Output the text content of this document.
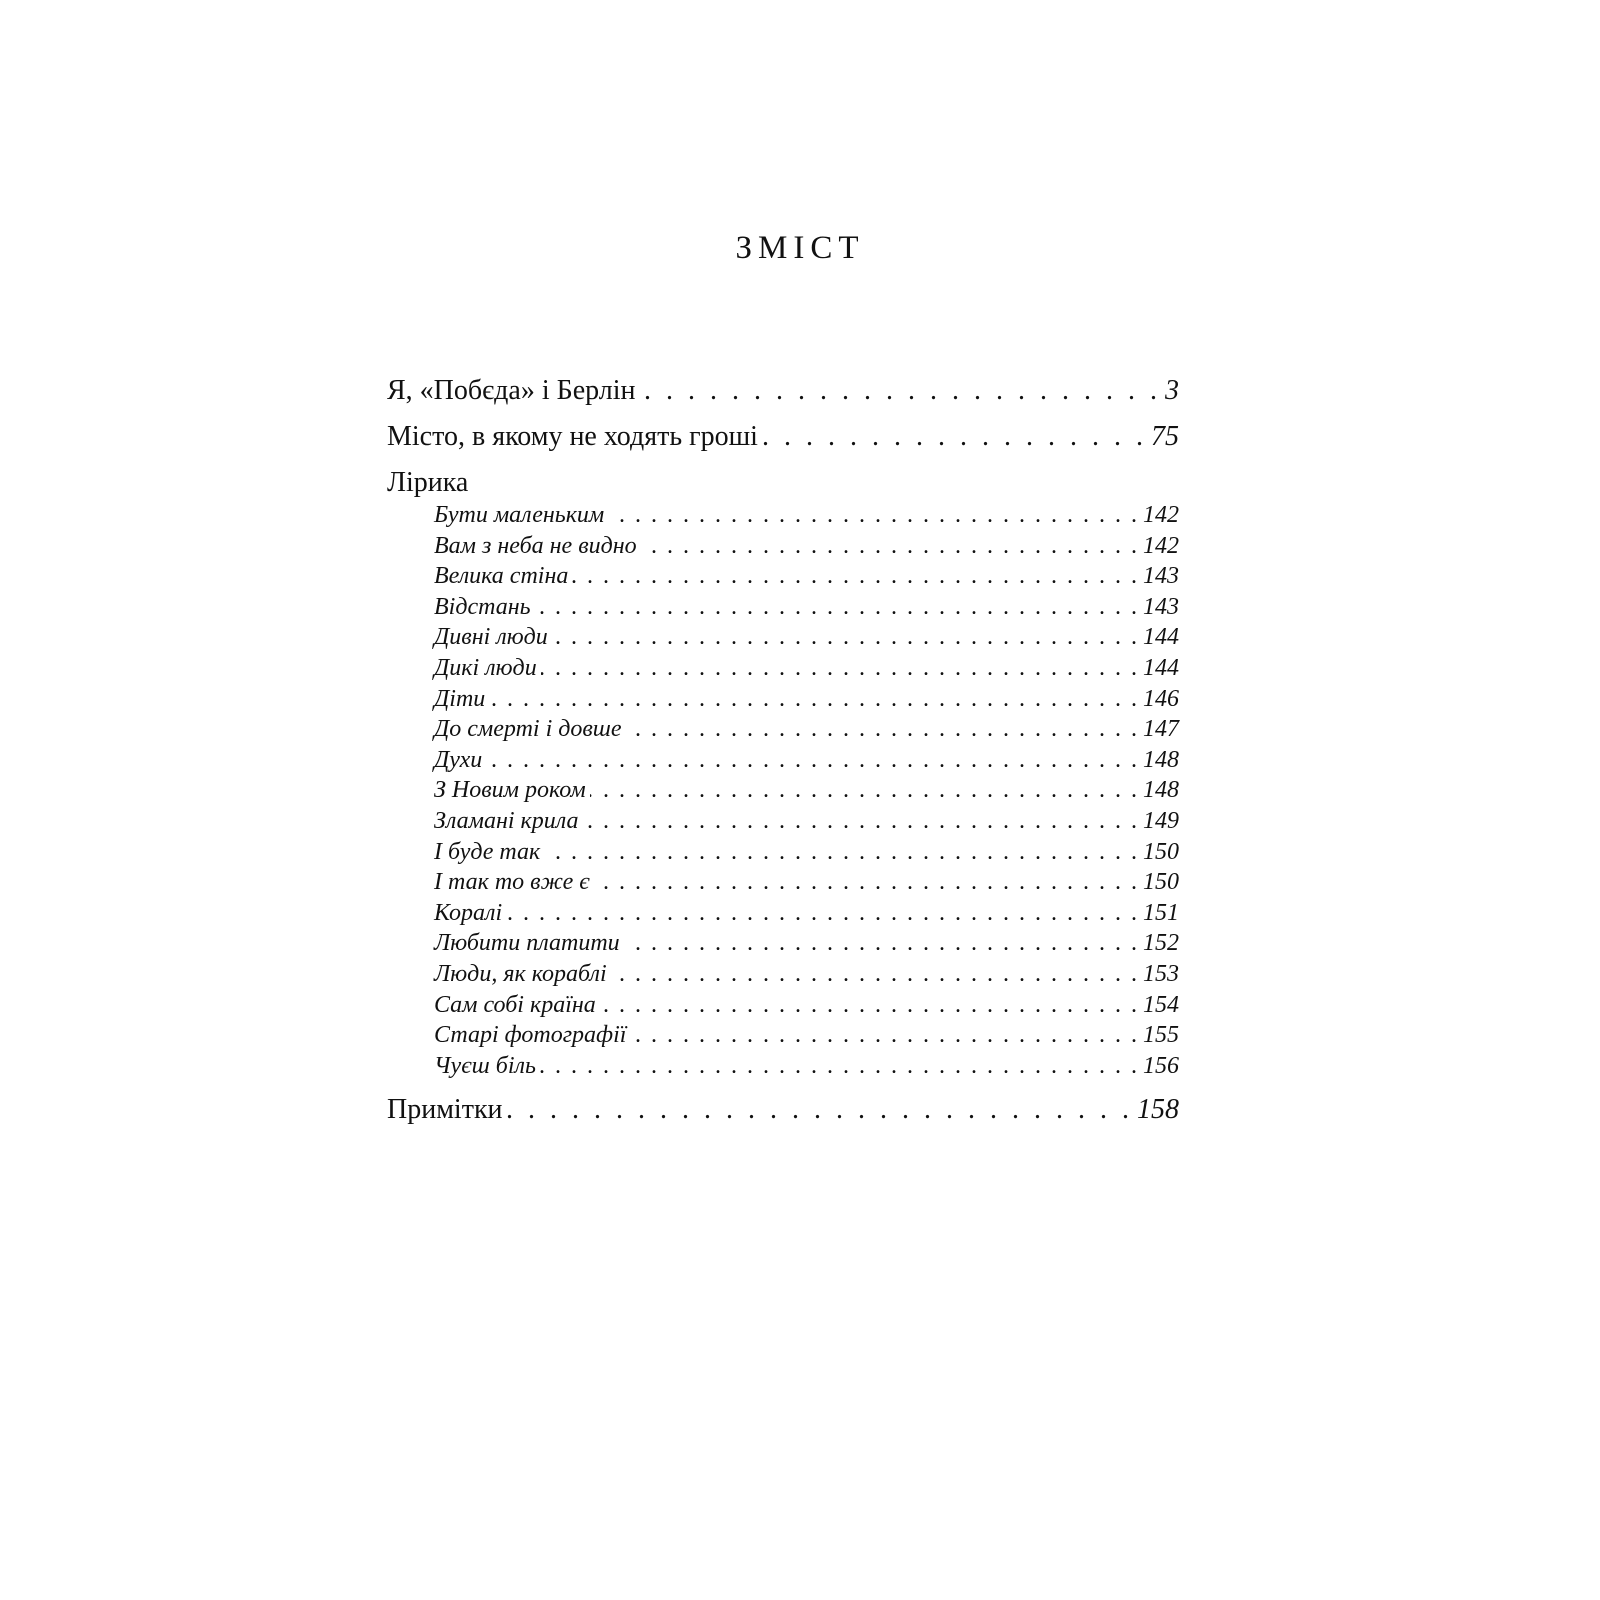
ЗМІСТ
Я, «Побєда» і Берлін . . .	3
Місто, в якому не ходять гроші . . .	75
Лірика
Бути маленьким . . .	142
Вам з неба не видно . . .	142
Велика стіна . . .	143
Відстань . . .	143
Дивні люди . . .	144
Дикі люди . . .	144
Діти . . .	146
До смерті і довше . . .	147
Духи . . .	148
З Новим роком . . .	148
Зламані крила . . .	149
І буде так . . .	150
І так то вже є . . .	150
Коралі . . .	151
Любити платити . . .	152
Люди, як кораблі . . .	153
Сам собі країна . . .	154
Старі фотографії . . .	155
Чуєш біль . . .	156
Примітки . . .	158
